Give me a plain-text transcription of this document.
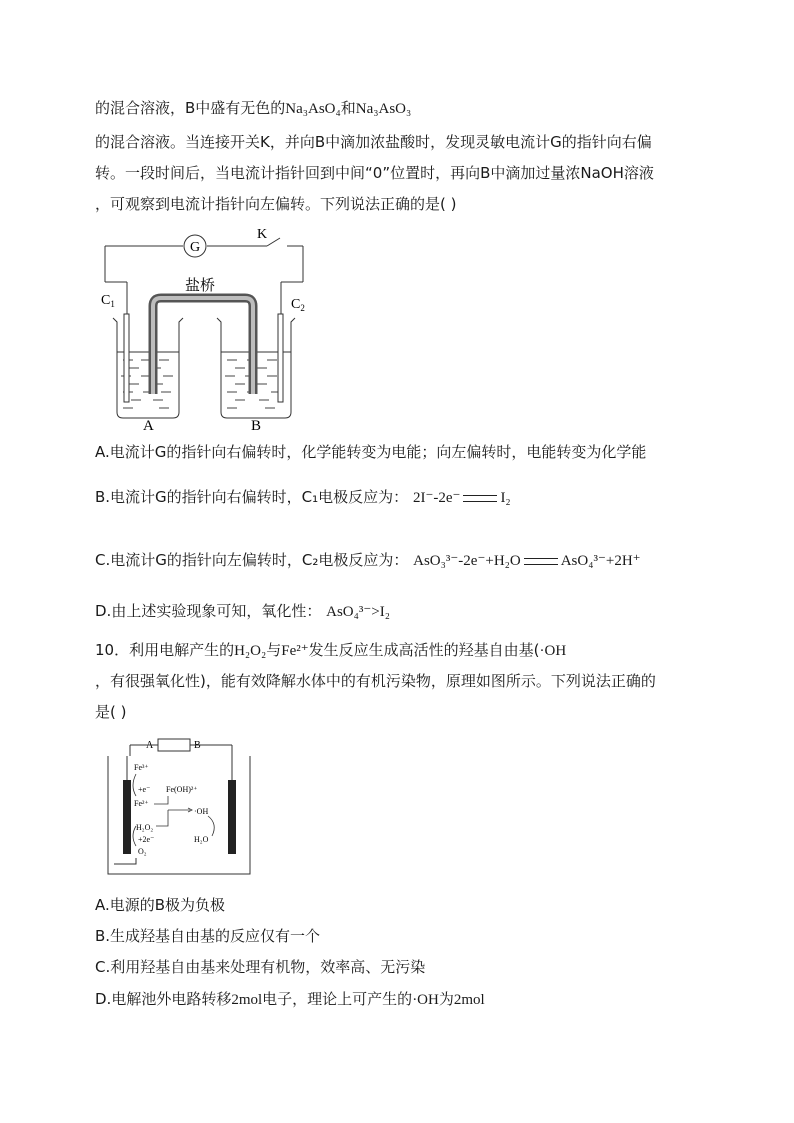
的混合溶液，B中盛有无色的Na₃AsO₄和Na₃AsO₃
的混合溶液。当连接开关K，并向B中滴加浓盐酸时，发现灵敏电流计G的指针向右偏
转。一段时间后，当电流计指针回到中间“0”位置时，再向B中滴加过量浓NaOH溶液
，可观察到电流计指针向左偏转。下列说法正确的是( )
G
K
盐桥
$C_1$	$C_2$
A	B
A.电流计G的指针向右偏转时，化学能转变为电能；向左偏转时，电能转变为化学能
B.电流计G的指针向右偏转时，C₁电极反应为： 2I⁻-2e⁻	I₂
C.电流计G的指针向左偏转时，C₂电极反应为： AsO₃³⁻-2e⁻+H₂O	AsO₄³⁻+2H⁺
D.由上述实验现象可知，氧化性： AsO₄³⁻>I₂
10．利用电解产生的H₂O₂与Fe²⁺发生反应生成高活性的羟基自由基(·OH
，有很强氧化性)，能有效降解水体中的有机污染物，原理如图所示。下列说法正确的
是( )
A	B
Fe³⁺
+e⁻
Fe²⁺
Fe(OH)²⁺
·OH
H₂O₂
+2e⁻
O₂
H₂O
A.电源的B极为负极
B.生成羟基自由基的反应仅有一个
C.利用羟基自由基来处理有机物，效率高、无污染
D.电解池外电路转移2mol电子，理论上可产生的·OH为2mol
